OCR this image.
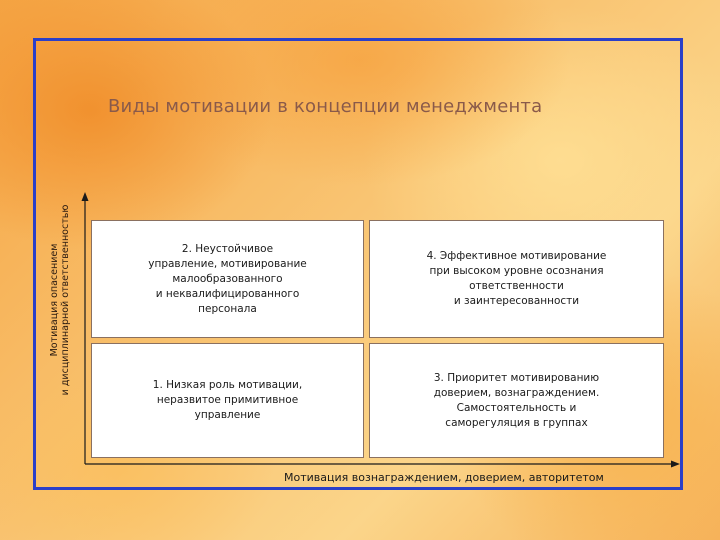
Виды мотивации в концепции менеджмента
Мотивация опасением и дисциплинарной ответственностью	2. Неустойчивое
управление, мотивирование
малообразованного
и неквалифицированного
персонала
4. Эффективное мотивирование
при высоком уровне осознания
ответственности
и заинтересованности
1. Низкая роль мотивации,
неразвитое примитивное
управление
3. Приоритет мотивированию
доверием, вознаграждением.
Самостоятельность и
саморегуляция в группах
Мотивация вознаграждением, доверием, авторитетом
